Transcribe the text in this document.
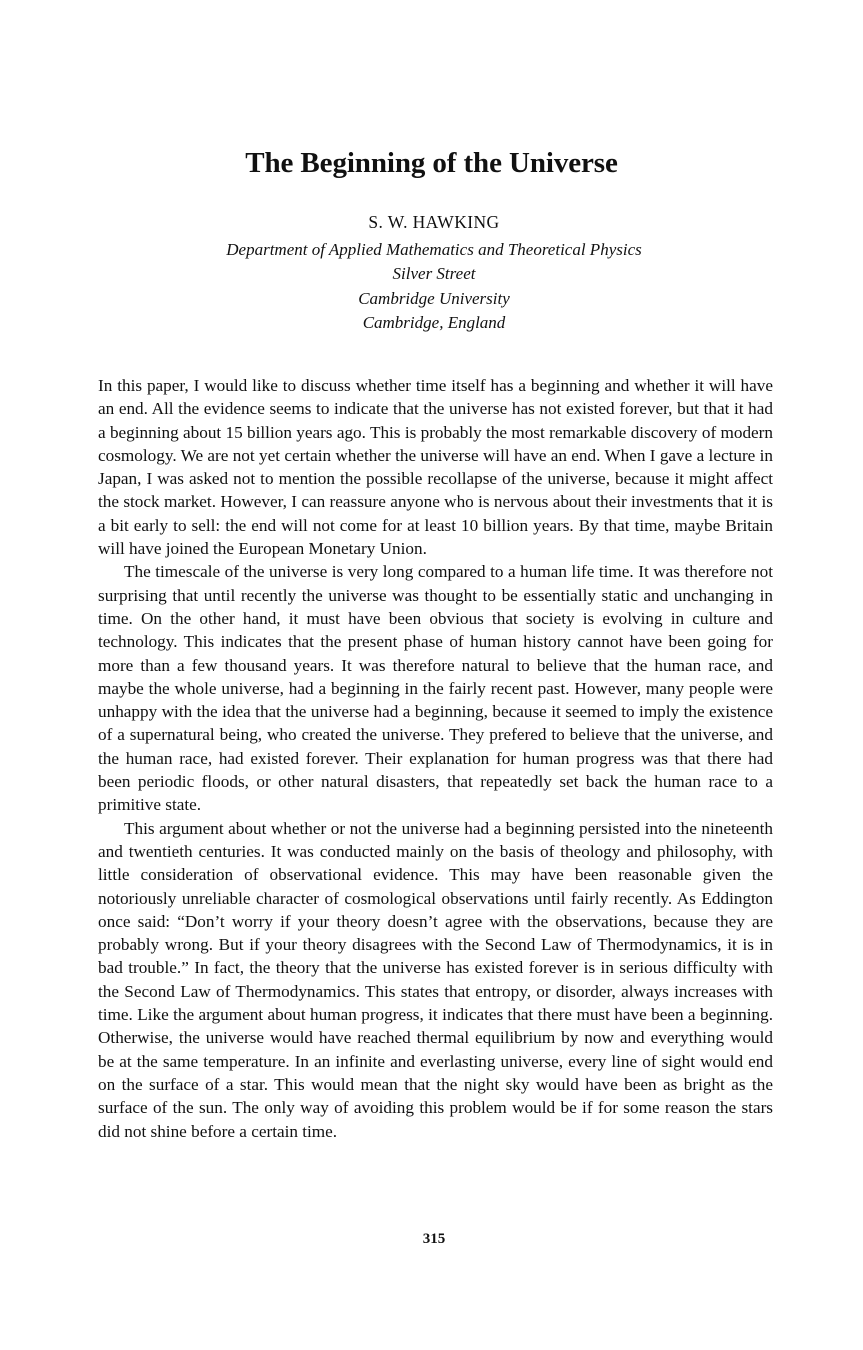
The Beginning of the Universe
S. W. HAWKING
Department of Applied Mathematics and Theoretical Physics
Silver Street
Cambridge University
Cambridge, England

In this paper, I would like to discuss whether time itself has a beginning and whether it will have an end. All the evidence seems to indicate that the universe has not existed forever, but that it had a beginning about 15 billion years ago. This is probably the most remarkable discovery of modern cosmology. We are not yet certain whether the universe will have an end. When I gave a lecture in Japan, I was asked not to mention the possible recollapse of the universe, because it might affect the stock market. However, I can reassure anyone who is nervous about their investments that it is a bit early to sell: the end will not come for at least 10 billion years. By that time, maybe Britain will have joined the European Monetary Union.

The timescale of the universe is very long compared to a human life time. It was therefore not surprising that until recently the universe was thought to be essentially static and unchanging in time. On the other hand, it must have been obvious that society is evolving in culture and technology. This indicates that the present phase of human history cannot have been going for more than a few thousand years. It was therefore natural to believe that the human race, and maybe the whole universe, had a beginning in the fairly recent past. However, many people were unhappy with the idea that the universe had a beginning, because it seemed to imply the existence of a supernatural being, who created the universe. They prefered to believe that the universe, and the human race, had existed forever. Their explanation for human progress was that there had been periodic floods, or other natural disasters, that repeatedly set back the human race to a primitive state.

This argument about whether or not the universe had a beginning persisted into the nineteenth and twentieth centuries. It was conducted mainly on the basis of theology and philosophy, with little consideration of observational evidence. This may have been reasonable given the notoriously unreliable character of cosmological observations until fairly recently. As Eddington once said: “Don’t worry if your theory doesn’t agree with the observations, because they are probably wrong. But if your theory disagrees with the Second Law of Thermodynamics, it is in bad trouble.” In fact, the theory that the universe has existed forever is in serious difficulty with the Second Law of Thermodynamics. This states that entropy, or disorder, always increases with time. Like the argument about human progress, it indicates that there must have been a beginning. Otherwise, the universe would have reached thermal equilibrium by now and everything would be at the same temperature. In an infinite and everlasting universe, every line of sight would end on the surface of a star. This would mean that the night sky would have been as bright as the surface of the sun. The only way of avoiding this problem would be if for some reason the stars did not shine before a certain time.

315
